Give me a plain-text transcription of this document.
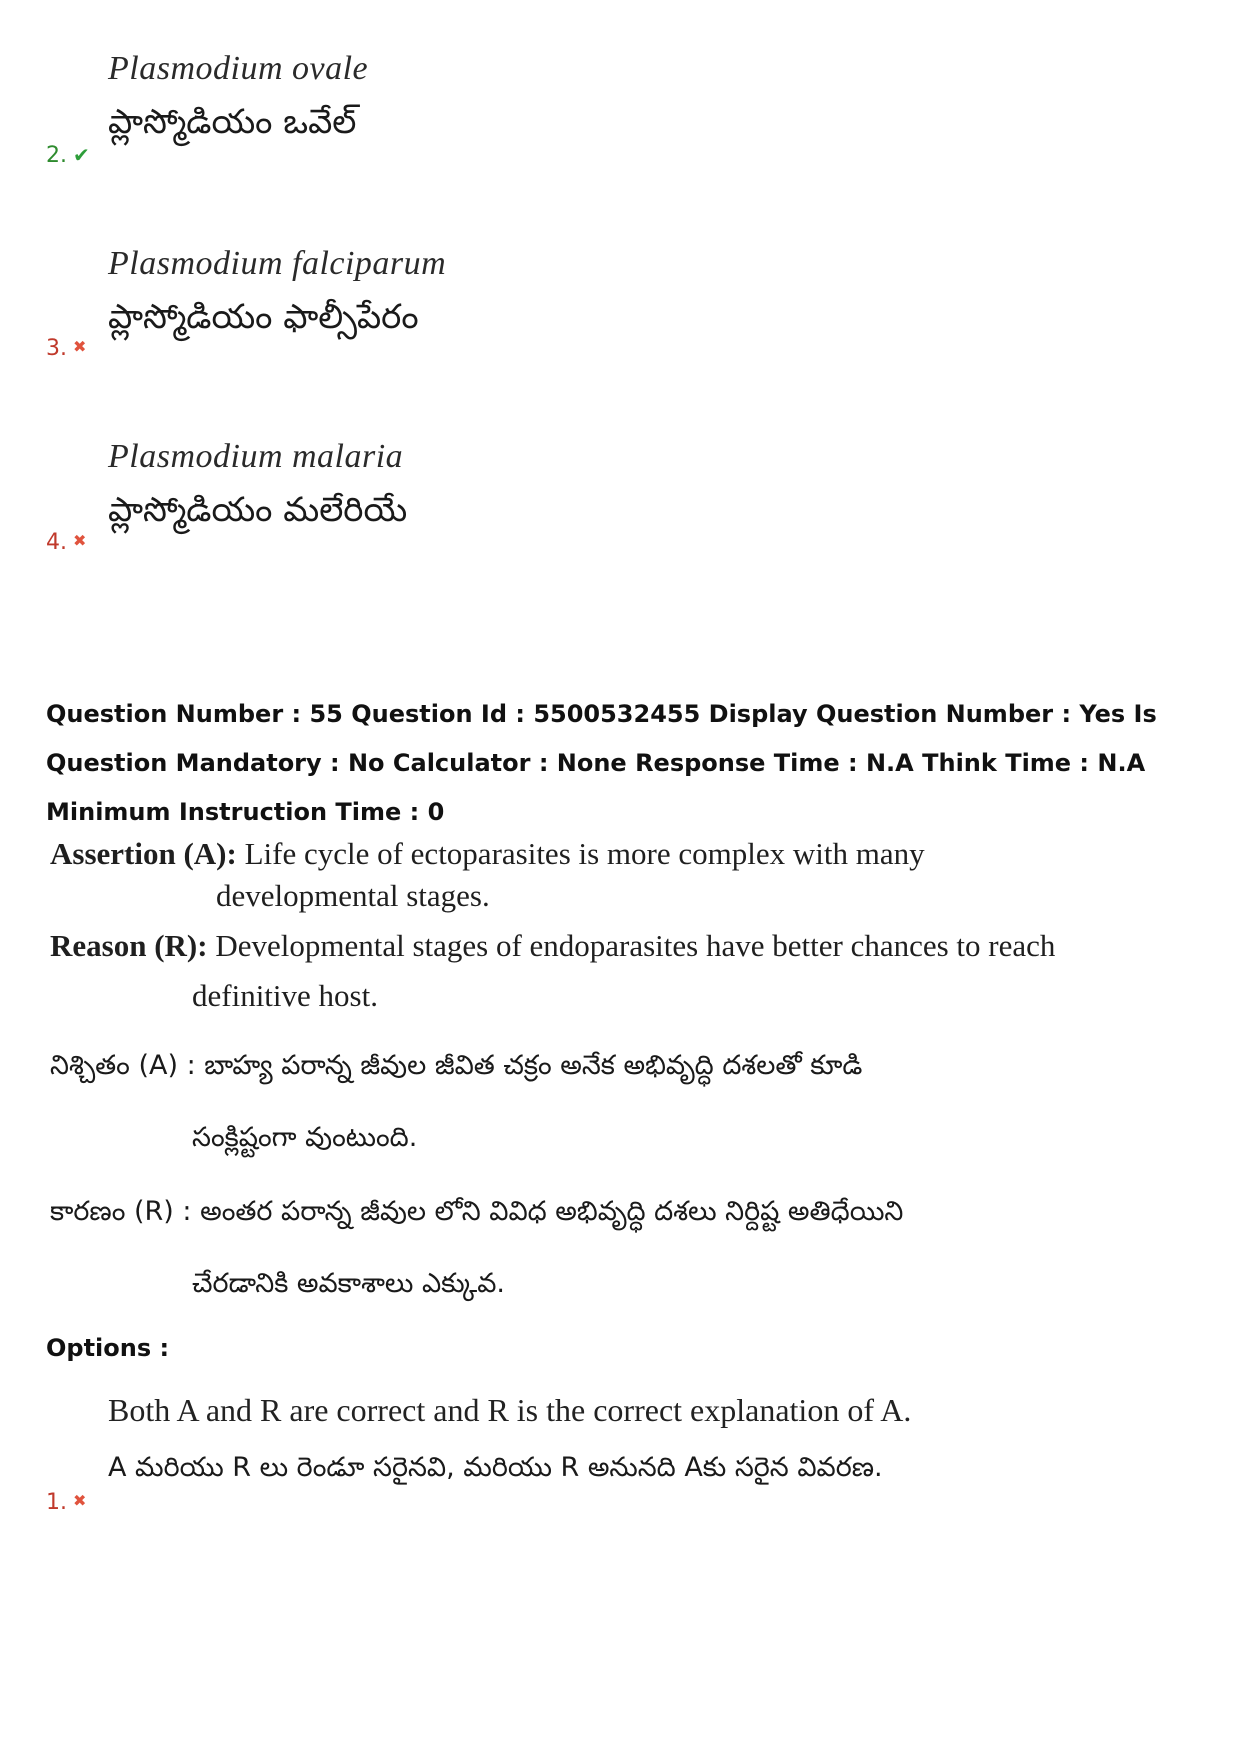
Plasmodium ovale
ప్లాస్మోడియం ఒవేల్
2. ✔
Plasmodium falciparum
ప్లాస్మోడియం ఫాల్సీపేరం
3. ✖
Plasmodium malaria
ప్లాస్మోడియం మలేరియే
4. ✖
Question Number : 55 Question Id : 5500532455 Display Question Number : Yes Is Question Mandatory : No Calculator : None Response Time : N.A Think Time : N.A Minimum Instruction Time : 0
Assertion (A): Life cycle of ectoparasites is more complex with many
developmental stages.
Reason (R): Developmental stages of endoparasites have better chances to reach
definitive host.
నిశ్చితం (A) : బాహ్య పరాన్న జీవుల జీవిత చక్రం అనేక అభివృద్ధి దశలతో కూడి
సంక్లిష్టంగా వుంటుంది.
కారణం (R) : అంతర పరాన్న జీవుల లోని వివిధ అభివృద్ధి దశలు నిర్దిష్ట అతిధేయిని
చేరడానికి అవకాశాలు ఎక్కువ.
Options :
Both A and R are correct and R is the correct explanation of A.
A మరియు R లు రెండూ సరైనవి, మరియు R అనునది Aకు సరైన వివరణ.
1. ✖
